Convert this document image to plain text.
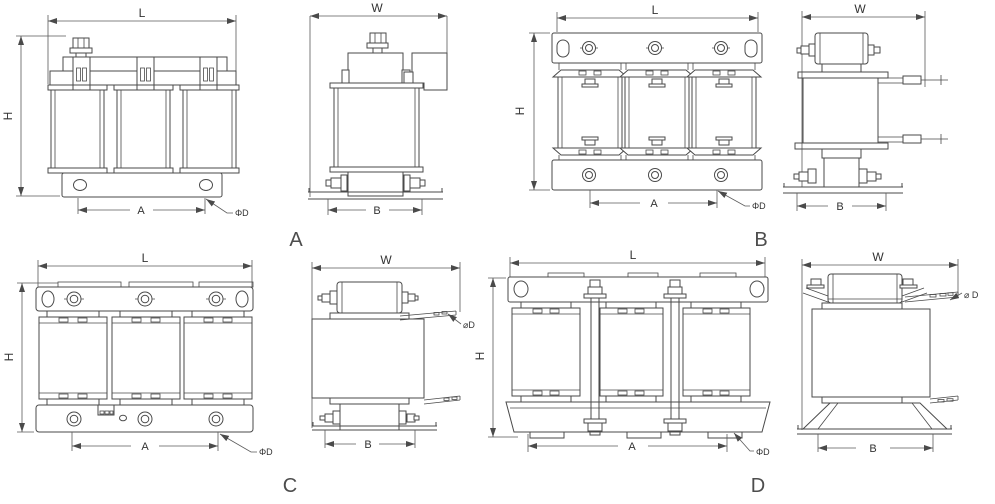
L
H
A	ΦD
W
B
A
L
H
A	ΦD
W
B
B
L
H
A	ΦD
W
B
⌀D
C
L
H
A	ΦD
W
B
⌀ D
D
